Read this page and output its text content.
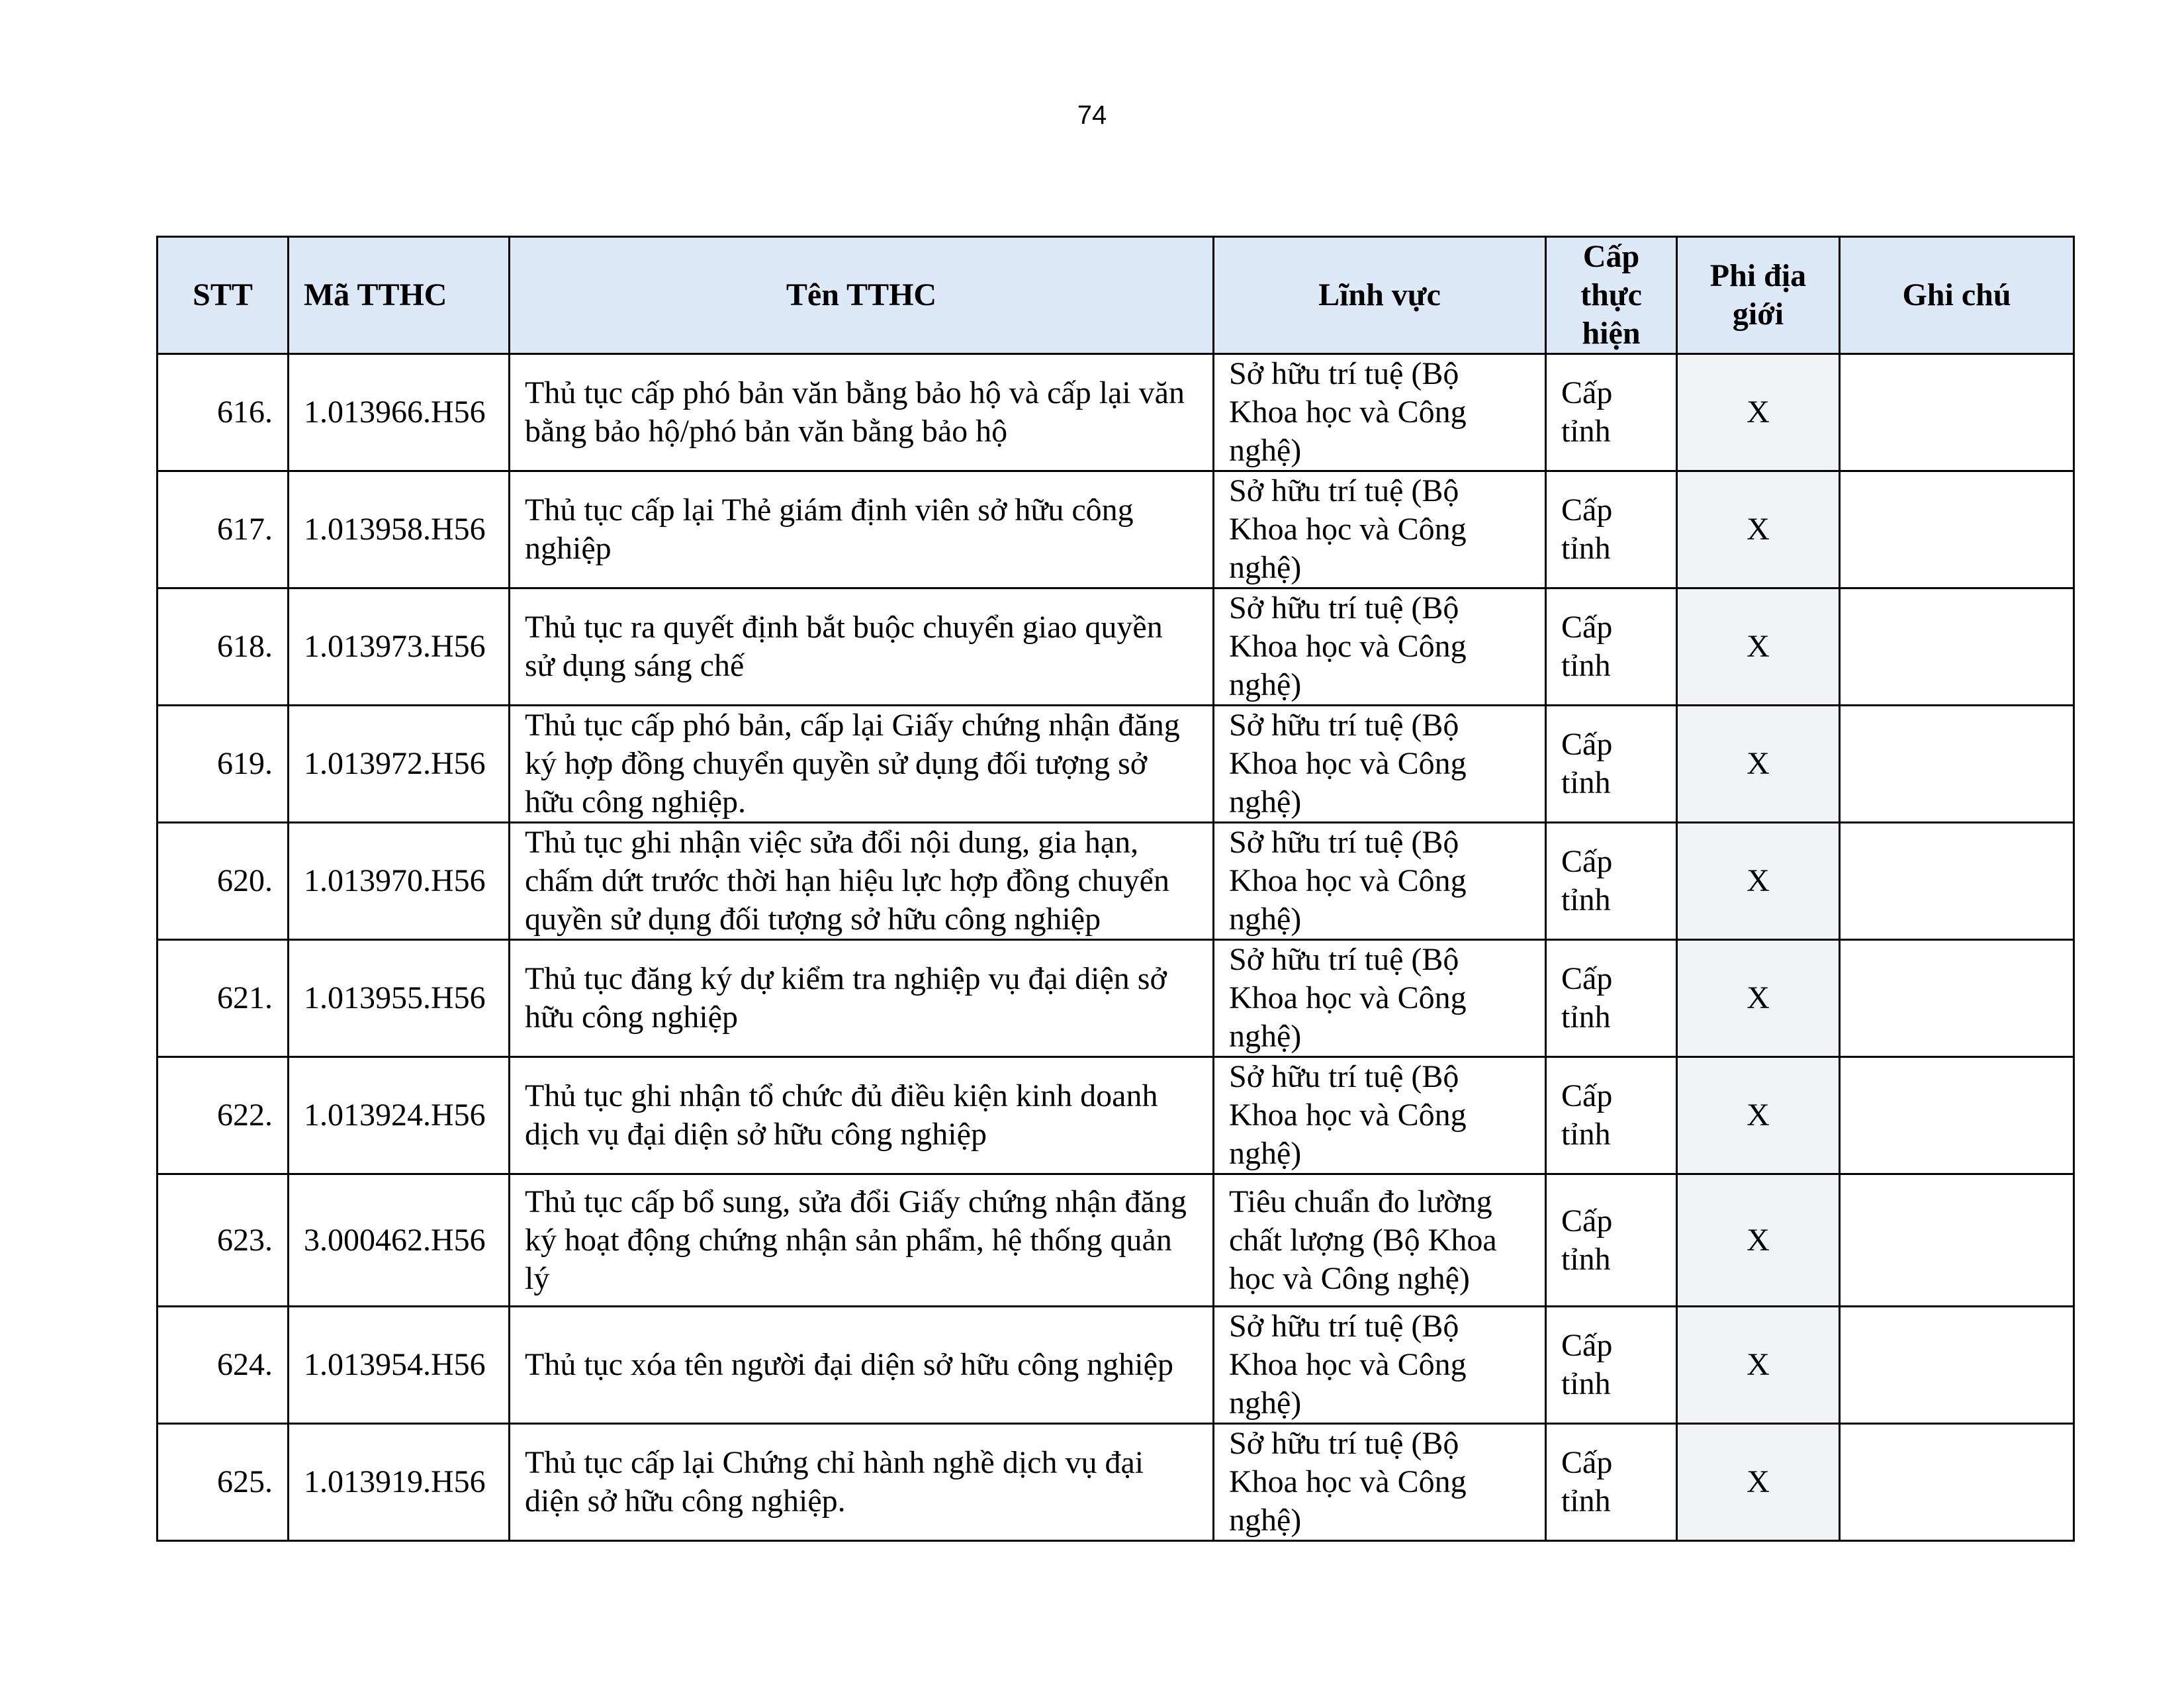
74
STT	Mã TTHC	Tên TTHC	Lĩnh vực	Cấp thực hiện	Phi địa giới	Ghi chú
616.	1.013966.H56	Thủ tục cấp phó bản văn bằng bảo hộ và cấp lại văn bằng bảo hộ/phó bản văn bằng bảo hộ	Sở hữu trí tuệ (Bộ Khoa học và Công nghệ)	Cấp tỉnh	X	
617.	1.013958.H56	Thủ tục cấp lại Thẻ giám định viên sở hữu công nghiệp	Sở hữu trí tuệ (Bộ Khoa học và Công nghệ)	Cấp tỉnh	X	
618.	1.013973.H56	Thủ tục ra quyết định bắt buộc chuyển giao quyền sử dụng sáng chế	Sở hữu trí tuệ (Bộ Khoa học và Công nghệ)	Cấp tỉnh	X	
619.	1.013972.H56	Thủ tục cấp phó bản, cấp lại Giấy chứng nhận đăng ký hợp đồng chuyển quyền sử dụng đối tượng sở hữu công nghiệp.	Sở hữu trí tuệ (Bộ Khoa học và Công nghệ)	Cấp tỉnh	X	
620.	1.013970.H56	Thủ tục ghi nhận việc sửa đổi nội dung, gia hạn, chấm dứt trước thời hạn hiệu lực hợp đồng chuyển quyền sử dụng đối tượng sở hữu công nghiệp	Sở hữu trí tuệ (Bộ Khoa học và Công nghệ)	Cấp tỉnh	X	
621.	1.013955.H56	Thủ tục đăng ký dự kiểm tra nghiệp vụ đại diện sở hữu công nghiệp	Sở hữu trí tuệ (Bộ Khoa học và Công nghệ)	Cấp tỉnh	X	
622.	1.013924.H56	Thủ tục ghi nhận tổ chức đủ điều kiện kinh doanh dịch vụ đại diện sở hữu công nghiệp	Sở hữu trí tuệ (Bộ Khoa học và Công nghệ)	Cấp tỉnh	X	
623.	3.000462.H56	Thủ tục cấp bổ sung, sửa đổi Giấy chứng nhận đăng ký hoạt động chứng nhận sản phẩm, hệ thống quản lý	Tiêu chuẩn đo lường chất lượng (Bộ Khoa học và Công nghệ)	Cấp tỉnh	X	
624.	1.013954.H56	Thủ tục xóa tên người đại diện sở hữu công nghiệp	Sở hữu trí tuệ (Bộ Khoa học và Công nghệ)	Cấp tỉnh	X	
625.	1.013919.H56	Thủ tục cấp lại Chứng chỉ hành nghề dịch vụ đại diện sở hữu công nghiệp.	Sở hữu trí tuệ (Bộ Khoa học và Công nghệ)	Cấp tỉnh	X	
